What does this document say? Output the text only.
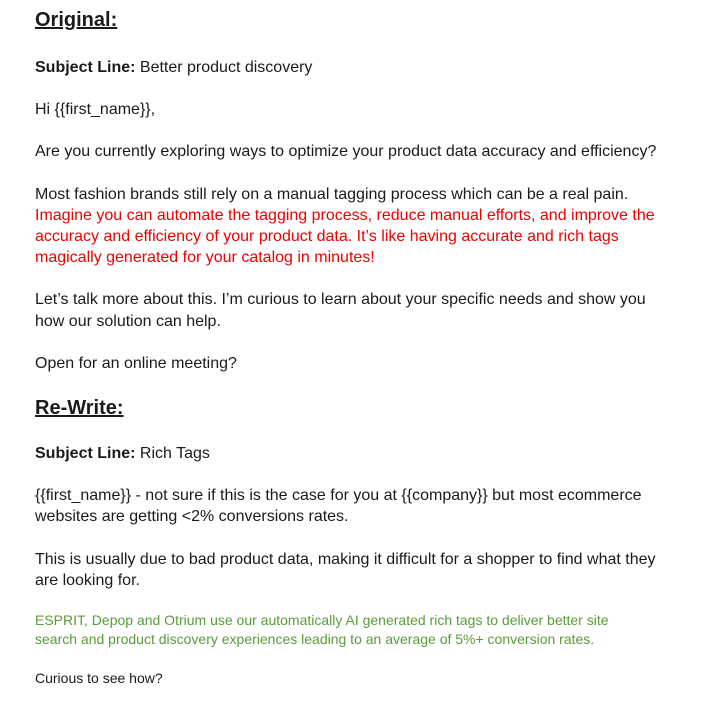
Original:

Subject Line: Better product discovery

Hi {{first_name}},

Are you currently exploring ways to optimize your product data accuracy and efficiency?

Most fashion brands still rely on a manual tagging process which can be a real pain.

Imagine you can automate the tagging process, reduce manual efforts, and improve the

accuracy and efficiency of your product data. It’s like having accurate and rich tags

magically generated for your catalog in minutes!

Let’s talk more about this. I’m curious to learn about your specific needs and show you

how our solution can help.

Open for an online meeting?

Re-Write:

Subject Line: Rich Tags

{{first_name}} - not sure if this is the case for you at {{company}} but most ecommerce

websites are getting <2% conversions rates.

This is usually due to bad product data, making it difficult for a shopper to find what they

are looking for.

ESPRIT, Depop and Otrium use our automatically AI generated rich tags to deliver better site

search and product discovery experiences leading to an average of 5%+ conversion rates.

Curious to see how?
